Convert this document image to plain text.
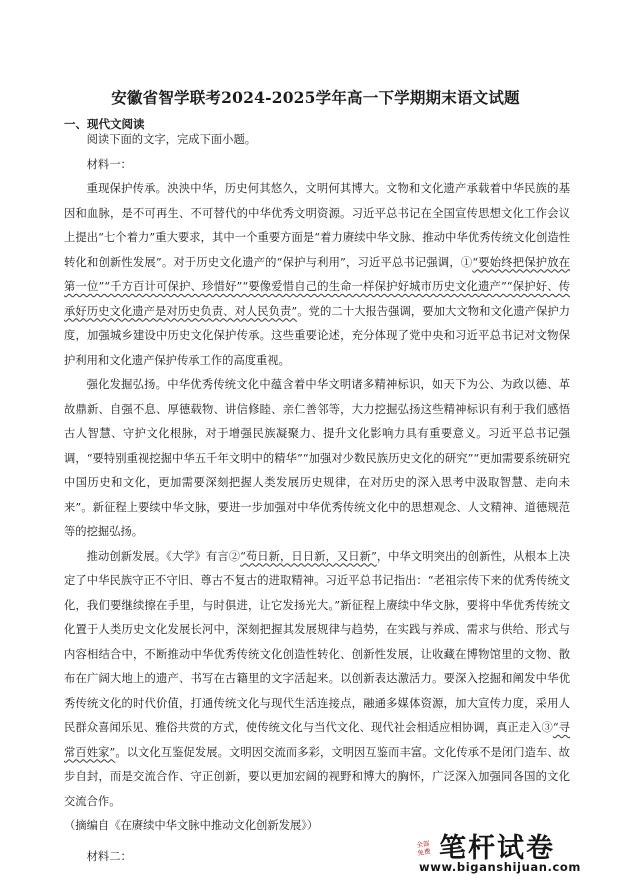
安徽省智学联考2024-2025学年高一下学期期末语文试题
一、现代文阅读

阅读下面的文字，完成下面小题。

材料一：

重现保护传承。泱泱中华，历史何其悠久，文明何其博大。文物和文化遗产承载着中华民族的基因和血脉，是不可再生、不可替代的中华优秀文明资源。习近平总书记在全国宣传思想文化工作会议上提出“七个着力”重大要求，其中一个重要方面是“着力赓续中华文脉、推动中华优秀传统文化创造性转化和创新性发展”。对于历史文化遗产的“保护与利用”，习近平总书记强调，①“要始终把保护放在第一位”“千方百计可保护、珍惜好”“要像爱惜自己的生命一样保护好城市历史文化遗产”“保护好、传承好历史文化遗产是对历史负责、对人民负责”。党的二十大报告强调，要加大文物和文化遗产保护力度，加强城乡建设中历史文化保护传承。这些重要论述，充分体现了党中央和习近平总书记对文物保护利用和文化遗产保护传承工作的高度重视。

强化发掘弘扬。中华优秀传统文化中蕴含着中华文明诸多精神标识，如天下为公、为政以德、革故鼎新、自强不息、厚德载物、讲信修睦、亲仁善邻等，大力挖掘弘扬这些精神标识有利于我们感悟古人智慧、守护文化根脉，对于增强民族凝聚力、提升文化影响力具有重要意义。习近平总书记强调，“要特别重视挖掘中华五千年文明中的精华”“加强对少数民族历史文化的研究”“更加需要系统研究中国历史和文化，更加需要深刻把握人类发展历史规律，在对历史的深入思考中汲取智慧、走向未来”。新征程上要续中华文脉，要进一步加强对中华优秀传统文化中的思想观念、人文精神、道德规范等的挖掘弘扬。

推动创新发展。《大学》有言②“苟日新，日日新，又日新”，中华文明突出的创新性，从根本上决定了中华民族守正不守旧、尊古不复古的进取精神。习近平总书记指出：“老祖宗传下来的优秀传统文化，我们要继续擦在手里，与时俱进，让它发扬光大。”新征程上赓续中华文脉，要将中华优秀传统文化置于人类历史文化发展长河中，深刻把握其发展规律与趋势，在实践与养成、需求与供给、形式与内容相结合中，不断推动中华优秀传统文化创造性转化、创新性发展，让收藏在博物馆里的文物、散布在广阔大地上的遗产、书写在古籍里的文字活起来。以创新表达激活力。要深入挖掘和阐发中华优秀传统文化的时代价值，打通传统文化与现代生活连接点，融通多媒体资源，加大宣传力度，采用人民群众喜闻乐见、雅俗共赏的方式，使传统文化与当代文化、现代社会相适应相协调，真正走入③“寻常百姓家”。以文化互鉴促发展。文明因交流而多彩，文明因互鉴而丰富。文化传承不是闭门造车、故步自封，而是交流合作、守正创新，要以更加宏阔的视野和博大的胸怀，广泛深入加强同各国的文化交流合作。

（摘编自《在赓续中华文脉中推动文化创新发展》）

材料二：

全部免费 笔杆试卷
www.biganshijuan.com
